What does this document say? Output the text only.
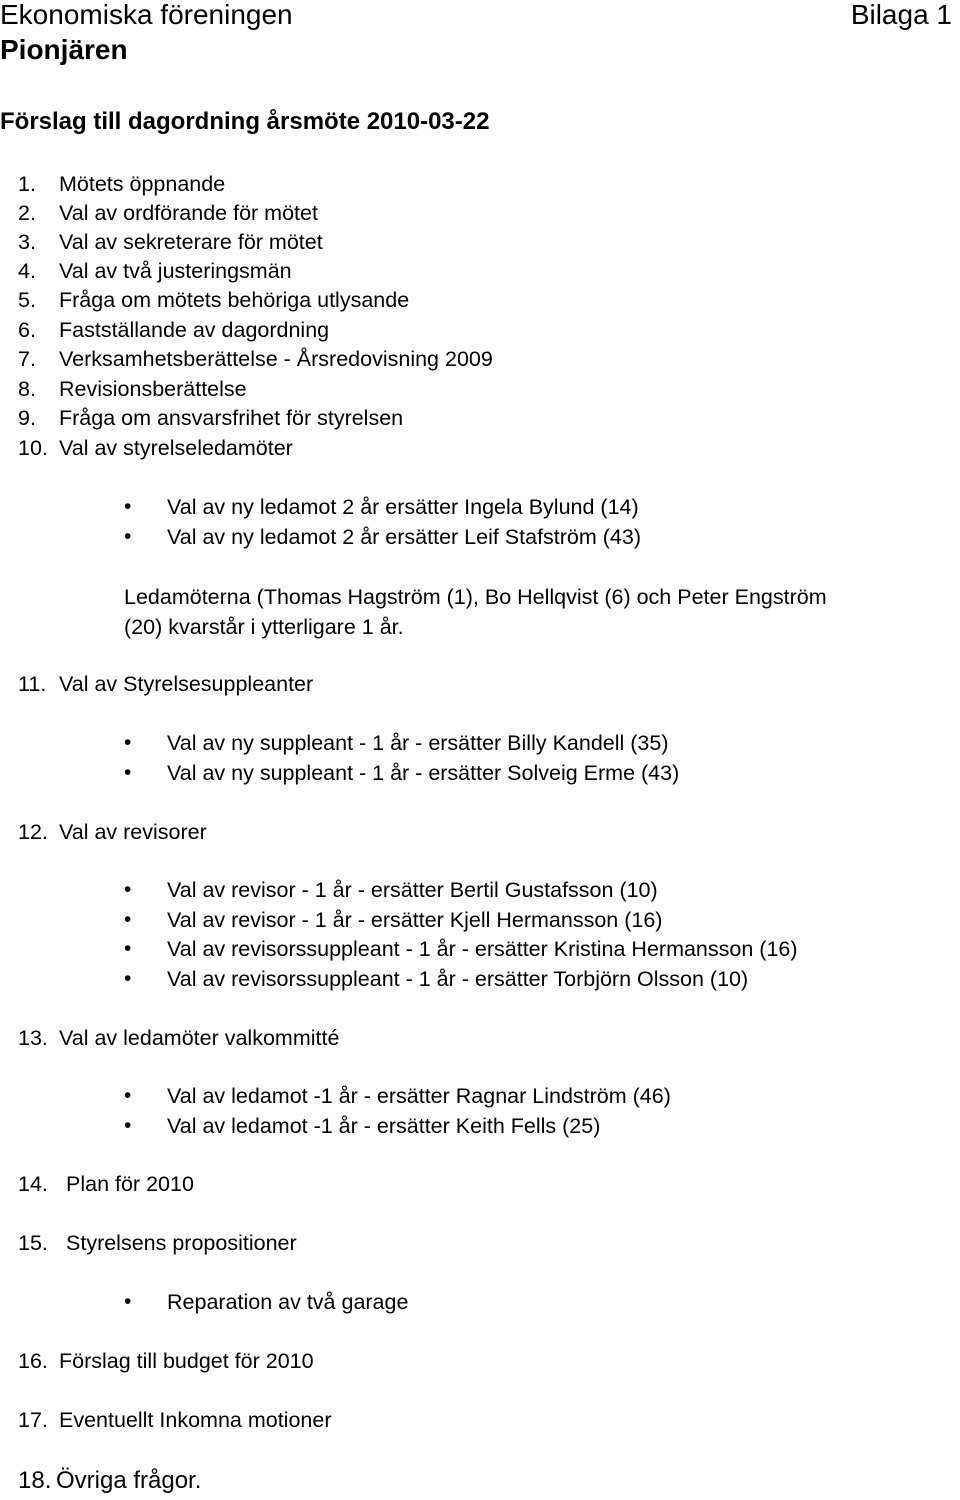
Ekonomiska föreningen
Pionjären
Bilaga 1
Förslag till dagordning årsmöte 2010-03-22
1. Mötets öppnande
2. Val av ordförande för mötet
3. Val av sekreterare för mötet
4. Val av två justeringsmän
5. Fråga om mötets behöriga utlysande
6. Fastställande av dagordning
7. Verksamhetsberättelse - Årsredovisning 2009
8. Revisionsberättelse
9. Fråga om ansvarsfrihet för styrelsen
10. Val av styrelseledamöter
• Val av ny ledamot 2 år ersätter Ingela Bylund (14)
• Val av ny ledamot 2 år ersätter Leif Stafström (43)
Ledamöterna (Thomas Hagström (1), Bo Hellqvist (6) och Peter Engström
(20) kvarstår i ytterligare 1 år.
11. Val av Styrelsesuppleanter
• Val av ny suppleant - 1 år - ersätter Billy Kandell (35)
• Val av ny suppleant - 1 år - ersätter Solveig Erme (43)
12. Val av revisorer
• Val av revisor - 1 år - ersätter Bertil Gustafsson (10)
• Val av revisor - 1 år - ersätter Kjell Hermansson (16)
• Val av revisorssuppleant - 1 år - ersätter Kristina Hermansson (16)
• Val av revisorssuppleant - 1 år - ersätter Torbjörn Olsson (10)
13. Val av ledamöter valkommitté
• Val av ledamot -1 år - ersätter Ragnar Lindström (46)
• Val av ledamot -1 år - ersätter Keith Fells (25)
14. Plan för 2010
15. Styrelsens propositioner
• Reparation av två garage
16. Förslag till budget för 2010
17. Eventuellt Inkomna motioner
18. Övriga frågor.
